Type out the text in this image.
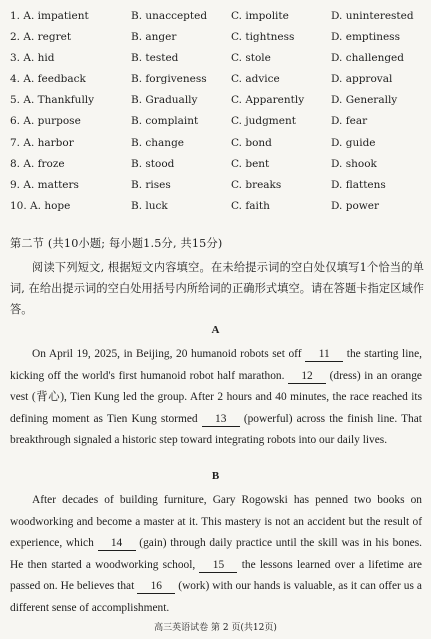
1. A. impatient	B. unaccepted C. impolite	D. uninterested
2. A. regret	B. anger	C. tightness	D. emptiness
3. A. hid	B. tested	C. stole	D. challenged
4. A. feedback	B. forgiveness C. advice	D. approval
5. A. Thankfully	B. Gradually	C. Apparently	D. Generally
6. A. purpose	B. complaint	C. judgment	D. fear
7. A. harbor	B. change	C. bond	D. guide
8. A. froze	B. stood	C. bent	D. shook
9. A. matters	B. rises	C. breaks	D. flattens
10. A. hope	B. luck	C. faith	D. power
第二节 (共10小题; 每小题1.5分, 共15分)
阅读下列短文, 根据短文内容填空。在未给提示词的空白处仅填写1个恰当的单词, 在给出提示词的空白处用括号内所给词的正确形式填空。请在答题卡指定区域作答。
A
On April 19, 2025, in Beijing, 20 humanoid robots set off 11 the starting line, kicking off the world's first humanoid robot half marathon. 12 (dress) in an orange vest (背心), Tien Kung led the group. After 2 hours and 40 minutes, the race reached its defining moment as Tien Kung stormed 13 (powerful) across the finish line. That breakthrough signaled a historic step toward integrating robots into our daily lives.
B
After decades of building furniture, Gary Rogowski has penned two books on woodworking and become a master at it. This mastery is not an accident but the result of experience, which 14 (gain) through daily practice until the skill was in his bones. He then started a woodworking school, 15 the lessons learned over a lifetime are passed on. He believes that 16 (work) with our hands is valuable, as it can offer us a different sense of accomplishment.
高三英语试卷 第 2 页(共12页)
